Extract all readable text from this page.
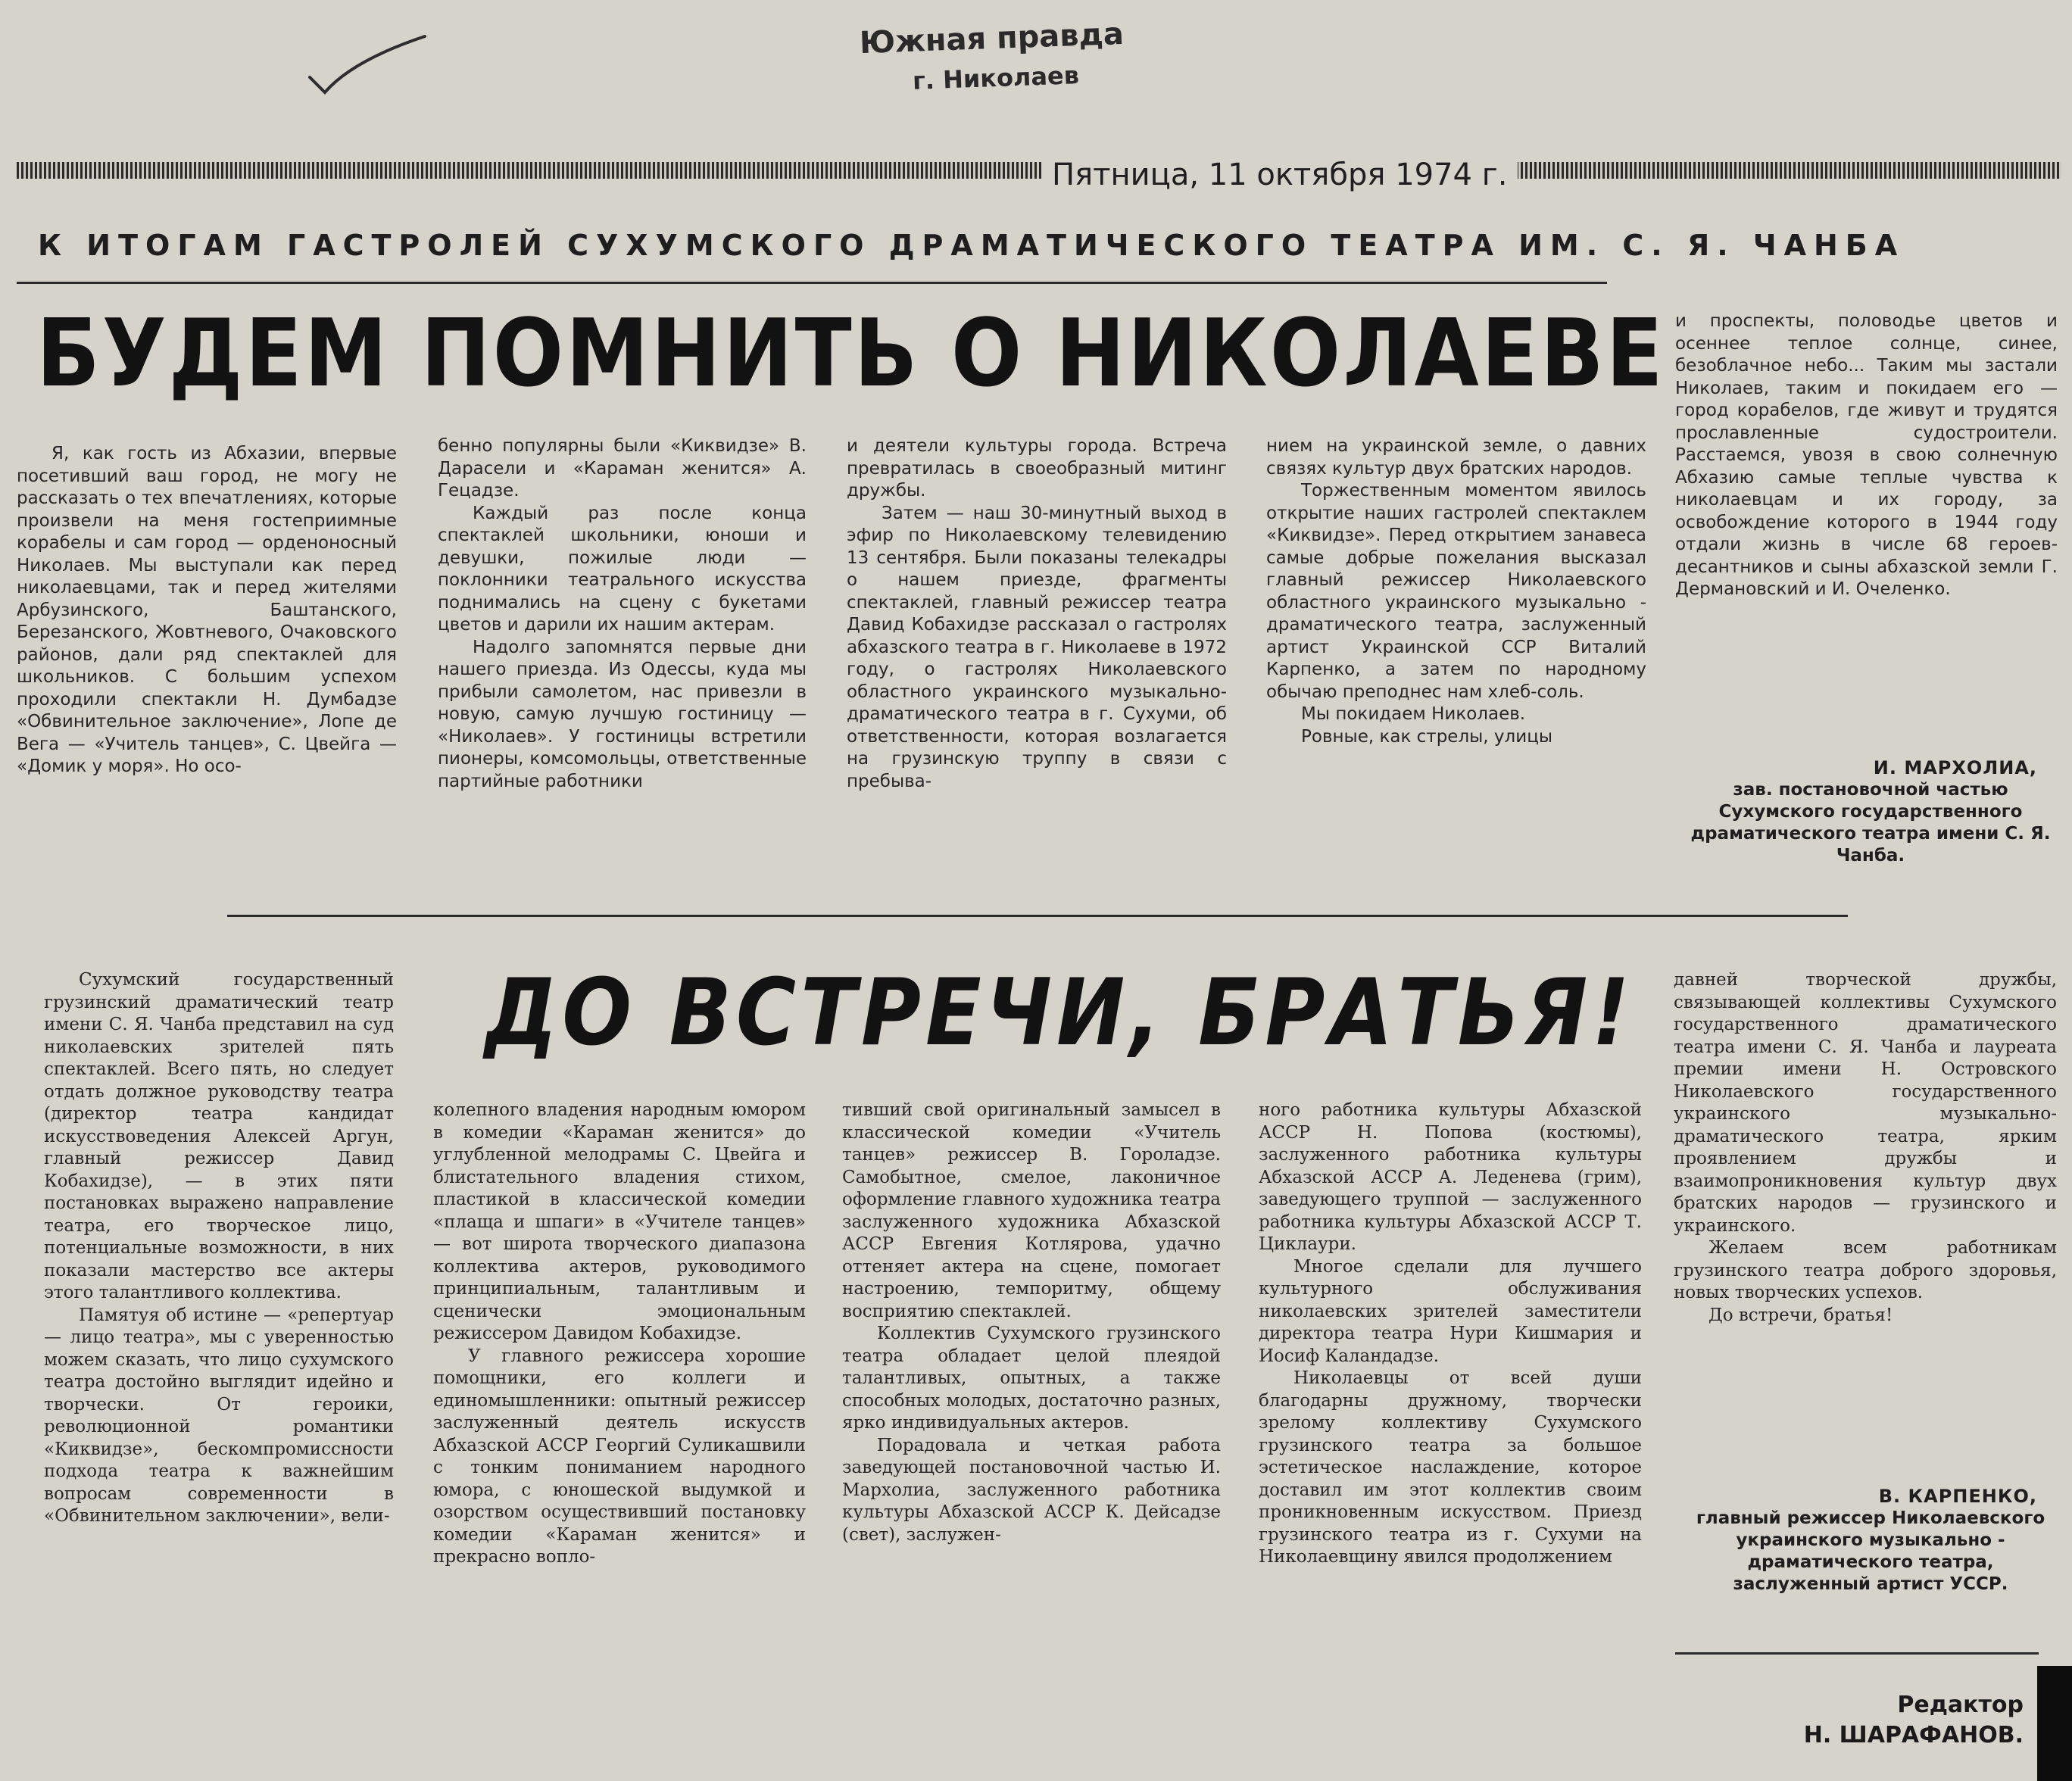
Южная правда
г. Николаев
Пятница, 11 октября 1974 г.
К ИТОГАМ ГАСТРОЛЕЙ СУХУМСКОГО ДРАМАТИЧЕСКОГО ТЕАТРА ИМ. С. Я. ЧАНБА
БУДЕМ ПОМНИТЬ О НИКОЛАЕВЕ

Я, как гость из Абхазии, впервые посетивший ваш город, не могу не рассказать о тех впечатлениях, которые произвели на меня гостеприимные корабелы и сам город — орденоносный Николаев. Мы выступали как перед николаевцами, так и перед жителями Арбузинского, Баштанского, Березанского, Жовтневого, Очаковского районов, дали ряд спектаклей для школьников. С большим успехом проходили спектакли Н. Думбадзе «Обвинительное заключение», Лопе де Вега — «Учитель танцев», С. Цвейга — «Домик у моря». Но осо-

бенно популярны были «Киквидзе» В. Дарасели и «Караман женится» А. Гецадзе.

Каждый раз после конца спектаклей школьники, юноши и девушки, пожилые люди — поклонники театрального искусства поднимались на сцену с букетами цветов и дарили их нашим актерам.

Надолго запомнятся первые дни нашего приезда. Из Одессы, куда мы прибыли самолетом, нас привезли в новую, самую лучшую гостиницу — «Николаев». У гостиницы встретили пионеры, комсомольцы, ответственные партийные работники

и деятели культуры города. Встреча превратилась в своеобразный митинг дружбы.

Затем — наш 30-минутный выход в эфир по Николаевскому телевидению 13 сентября. Были показаны телекадры о нашем приезде, фрагменты спектаклей, главный режиссер театра Давид Кобахидзе рассказал о гастролях абхазского театра в г. Николаеве в 1972 году, о гастролях Николаевского областного украинского музыкально-драматического театра в г. Сухуми, об ответственности, которая возлагается на грузинскую труппу в связи с пребыва-

нием на украинской земле, о давних связях культур двух братских народов.

Торжественным моментом явилось открытие наших гастролей спектаклем «Киквидзе». Перед открытием занавеса самые добрые пожелания высказал главный режиссер Николаевского областного украинского музыкально - драматического театра, заслуженный артист Украинской ССР Виталий Карпенко, а затем по народному обычаю преподнес нам хлеб-соль.

Мы покидаем Николаев.

Ровные, как стрелы, улицы

и проспекты, половодье цветов и осеннее теплое солнце, синее, безоблачное небо... Таким мы застали Николаев, таким и покидаем его — город корабелов, где живут и трудятся прославленные судостроители. Расстаемся, увозя в свою солнечную Абхазию самые теплые чувства к николаевцам и их городу, за освобождение которого в 1944 году отдали жизнь в числе 68 героев-десантников и сыны абхазской земли Г. Дермановский и И. Очеленко.

И. МАРХОЛИА,
зав. постановочной частью Сухумского государственного драматического театра имени С. Я. Чанба.
ДО ВСТРЕЧИ, БРАТЬЯ!

Сухумский государственный грузинский драматический театр имени С. Я. Чанба представил на суд николаевских зрителей пять спектаклей. Всего пять, но следует отдать должное руководству театра (директор театра кандидат искусствоведения Алексей Аргун, главный режиссер Давид Кобахидзе), — в этих пяти постановках выражено направление театра, его творческое лицо, потенциальные возможности, в них показали мастерство все актеры этого талантливого коллектива.

Памятуя об истине — «репертуар — лицо театра», мы с уверенностью можем сказать, что лицо сухумского театра достойно выглядит идейно и творчески. От героики, революционной романтики «Киквидзе», бескомпромиссности подхода театра к важнейшим вопросам современности в «Обвинительном заключении», вели-

колепного владения народным юмором в комедии «Караман женится» до углубленной мелодрамы С. Цвейга и блистательного владения стихом, пластикой в классической комедии «плаща и шпаги» в «Учителе танцев» — вот широта творческого диапазона коллектива актеров, руководимого принципиальным, талантливым и сценически эмоциональным режиссером Давидом Кобахидзе.

У главного режиссера хорошие помощники, его коллеги и единомышленники: опытный режиссер заслуженный деятель искусств Абхазской АССР Георгий Суликашвили с тонким пониманием народного юмора, с юношеской выдумкой и озорством осуществивший постановку комедии «Караман женится» и прекрасно вопло-

тивший свой оригинальный замысел в классической комедии «Учитель танцев» режиссер В. Гороладзе. Самобытное, смелое, лаконичное оформление главного художника театра заслуженного художника Абхазской АССР Евгения Котлярова, удачно оттеняет актера на сцене, помогает настроению, темпоритму, общему восприятию спектаклей.

Коллектив Сухумского грузинского театра обладает целой плеядой талантливых, опытных, а также способных молодых, достаточно разных, ярко индивидуальных актеров.

Порадовала и четкая работа заведующей постановочной частью И. Мархолиа, заслуженного работника культуры Абхазской АССР К. Дейсадзе (свет), заслужен-

ного работника культуры Абхазской АССР Н. Попова (костюмы), заслуженного работника культуры Абхазской АССР А. Леденева (грим), заведующего труппой — заслуженного работника культуры Абхазской АССР Т. Циклаури.

Многое сделали для лучшего культурного обслуживания николаевских зрителей заместители директора театра Нури Кишмария и Иосиф Каландадзе.

Николаевцы от всей души благодарны дружному, творчески зрелому коллективу Сухумского грузинского театра за большое эстетическое наслаждение, которое доставил им этот коллектив своим проникновенным искусством. Приезд грузинского театра из г. Сухуми на Николаевщину явился продолжением

давней творческой дружбы, связывающей коллективы Сухумского государственного драматического театра имени С. Я. Чанба и лауреата премии имени Н. Островского Николаевского государственного украинского музыкально-драматического театра, ярким проявлением дружбы и взаимопроникновения культур двух братских народов — грузинского и украинского.

Желаем всем работникам грузинского театра доброго здоровья, новых творческих успехов.

До встречи, братья!

В. КАРПЕНКО,
главный режиссер Николаевского украинского музыкально - драматического театра, заслуженный артист УССР.
Редактор
Н. ШАРАФАНОВ.
